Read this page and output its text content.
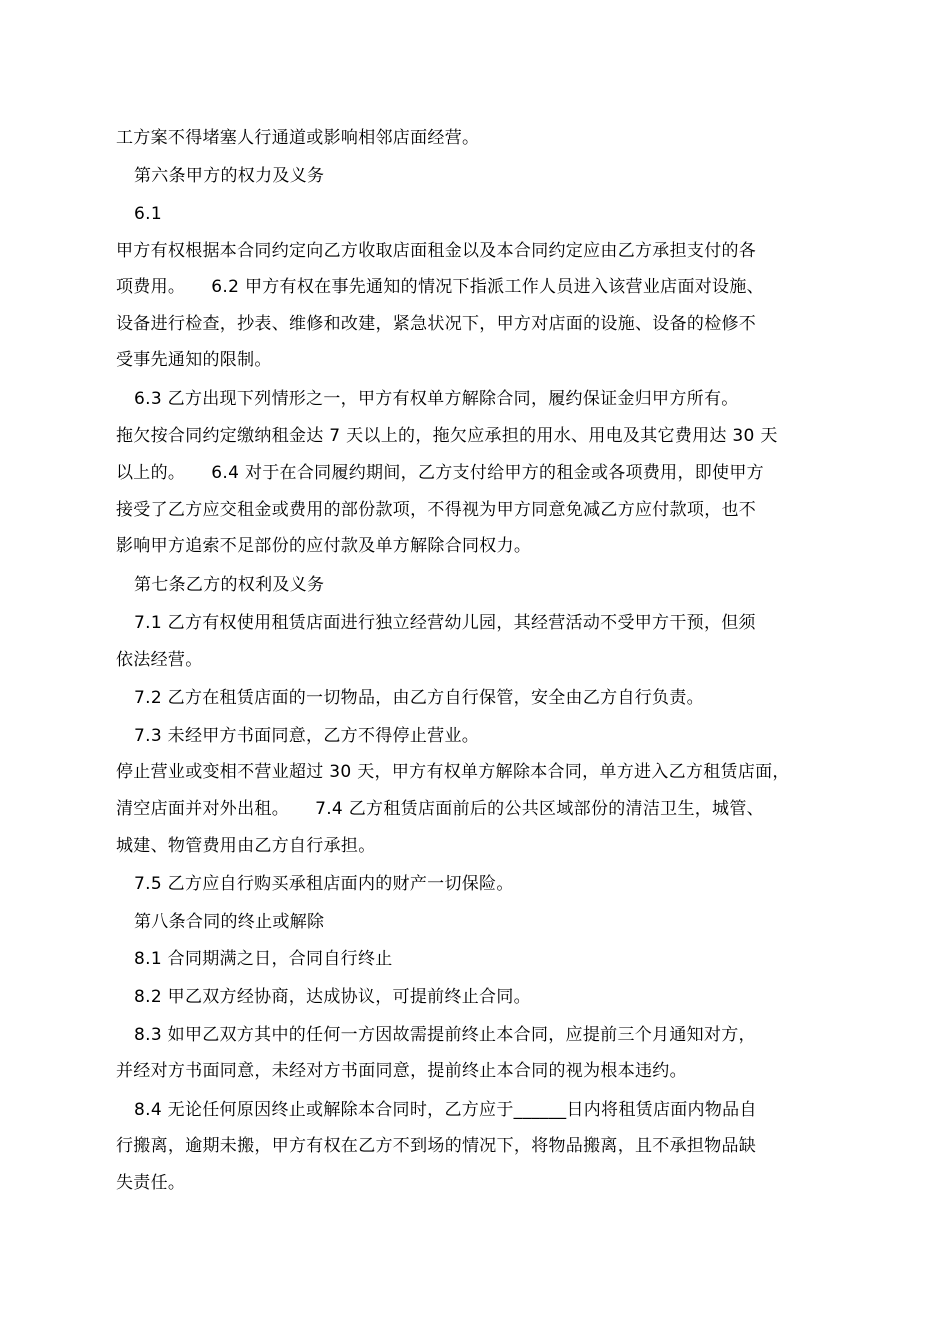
工方案不得堵塞人行通道或影响相邻店面经营。
第六条甲方的权力及义务
6.1
甲方有权根据本合同约定向乙方收取店面租金以及本合同约定应由乙方承担支付的各
项费用。　　6.2 甲方有权在事先通知的情况下指派工作人员进入该营业店面对设施、
设备进行检查，抄表、维修和改建，紧急状况下，甲方对店面的设施、设备的检修不
受事先通知的限制。
6.3 乙方出现下列情形之一，甲方有权单方解除合同，履约保证金归甲方所有。
拖欠按合同约定缴纳租金达 7 天以上的，拖欠应承担的用水、用电及其它费用达 30 天
以上的。　　6.4 对于在合同履约期间，乙方支付给甲方的租金或各项费用，即使甲方
接受了乙方应交租金或费用的部份款项，不得视为甲方同意免减乙方应付款项，也不
影响甲方追索不足部份的应付款及单方解除合同权力。
第七条乙方的权利及义务
7.1 乙方有权使用租赁店面进行独立经营幼儿园，其经营活动不受甲方干预，但须
依法经营。
7.2 乙方在租赁店面的一切物品，由乙方自行保管，安全由乙方自行负责。
7.3 未经甲方书面同意，乙方不得停止营业。
停止营业或变相不营业超过 30 天，甲方有权单方解除本合同，单方进入乙方租赁店面，
清空店面并对外出租。　　7.4 乙方租赁店面前后的公共区域部份的清洁卫生，城管、
城建、物管费用由乙方自行承担。
7.5 乙方应自行购买承租店面内的财产一切保险。
第八条合同的终止或解除
8.1 合同期满之日，合同自行终止
8.2 甲乙双方经协商，达成协议，可提前终止合同。
8.3 如甲乙双方其中的任何一方因故需提前终止本合同，应提前三个月通知对方，
并经对方书面同意，未经对方书面同意，提前终止本合同的视为根本违约。
8.4 无论任何原因终止或解除本合同时，乙方应于______日内将租赁店面内物品自
行搬离，逾期未搬，甲方有权在乙方不到场的情况下，将物品搬离，且不承担物品缺
失责任。
